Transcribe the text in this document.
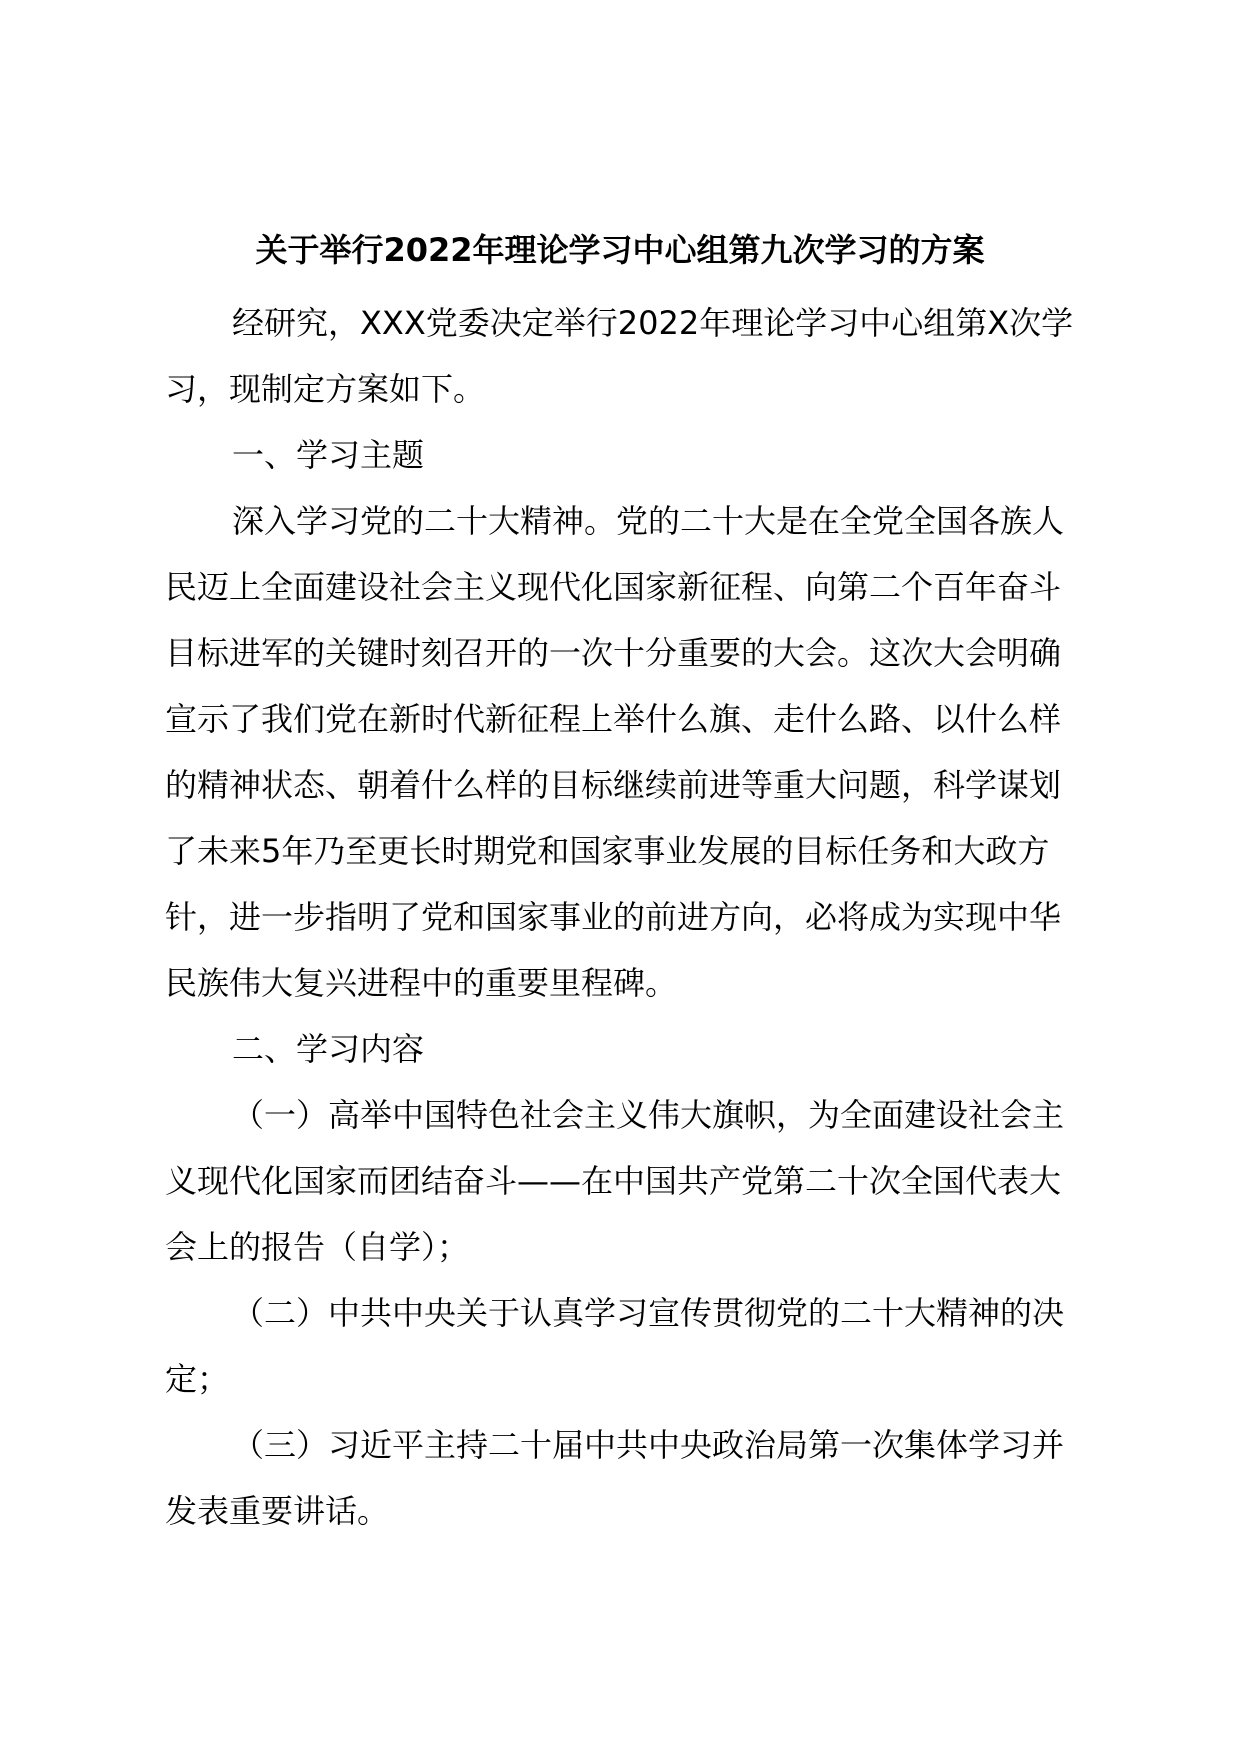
关于举行2022年理论学习中心组第九次学习的方案

经研究，XXX党委决定举行2022年理论学习中心组第X次学习，现制定方案如下。

一、学习主题

深入学习党的二十大精神。党的二十大是在全党全国各族人民迈上全面建设社会主义现代化国家新征程、向第二个百年奋斗目标进军的关键时刻召开的一次十分重要的大会。这次大会明确宣示了我们党在新时代新征程上举什么旗、走什么路、以什么样的精神状态、朝着什么样的目标继续前进等重大问题，科学谋划了未来5年乃至更长时期党和国家事业发展的目标任务和大政方针，进一步指明了党和国家事业的前进方向，必将成为实现中华民族伟大复兴进程中的重要里程碑。

二、学习内容

（一）高举中国特色社会主义伟大旗帜，为全面建设社会主义现代化国家而团结奋斗——在中国共产党第二十次全国代表大会上的报告（自学）；

（二）中共中央关于认真学习宣传贯彻党的二十大精神的决定；

（三）习近平主持二十届中共中央政治局第一次集体学习并发表重要讲话。
